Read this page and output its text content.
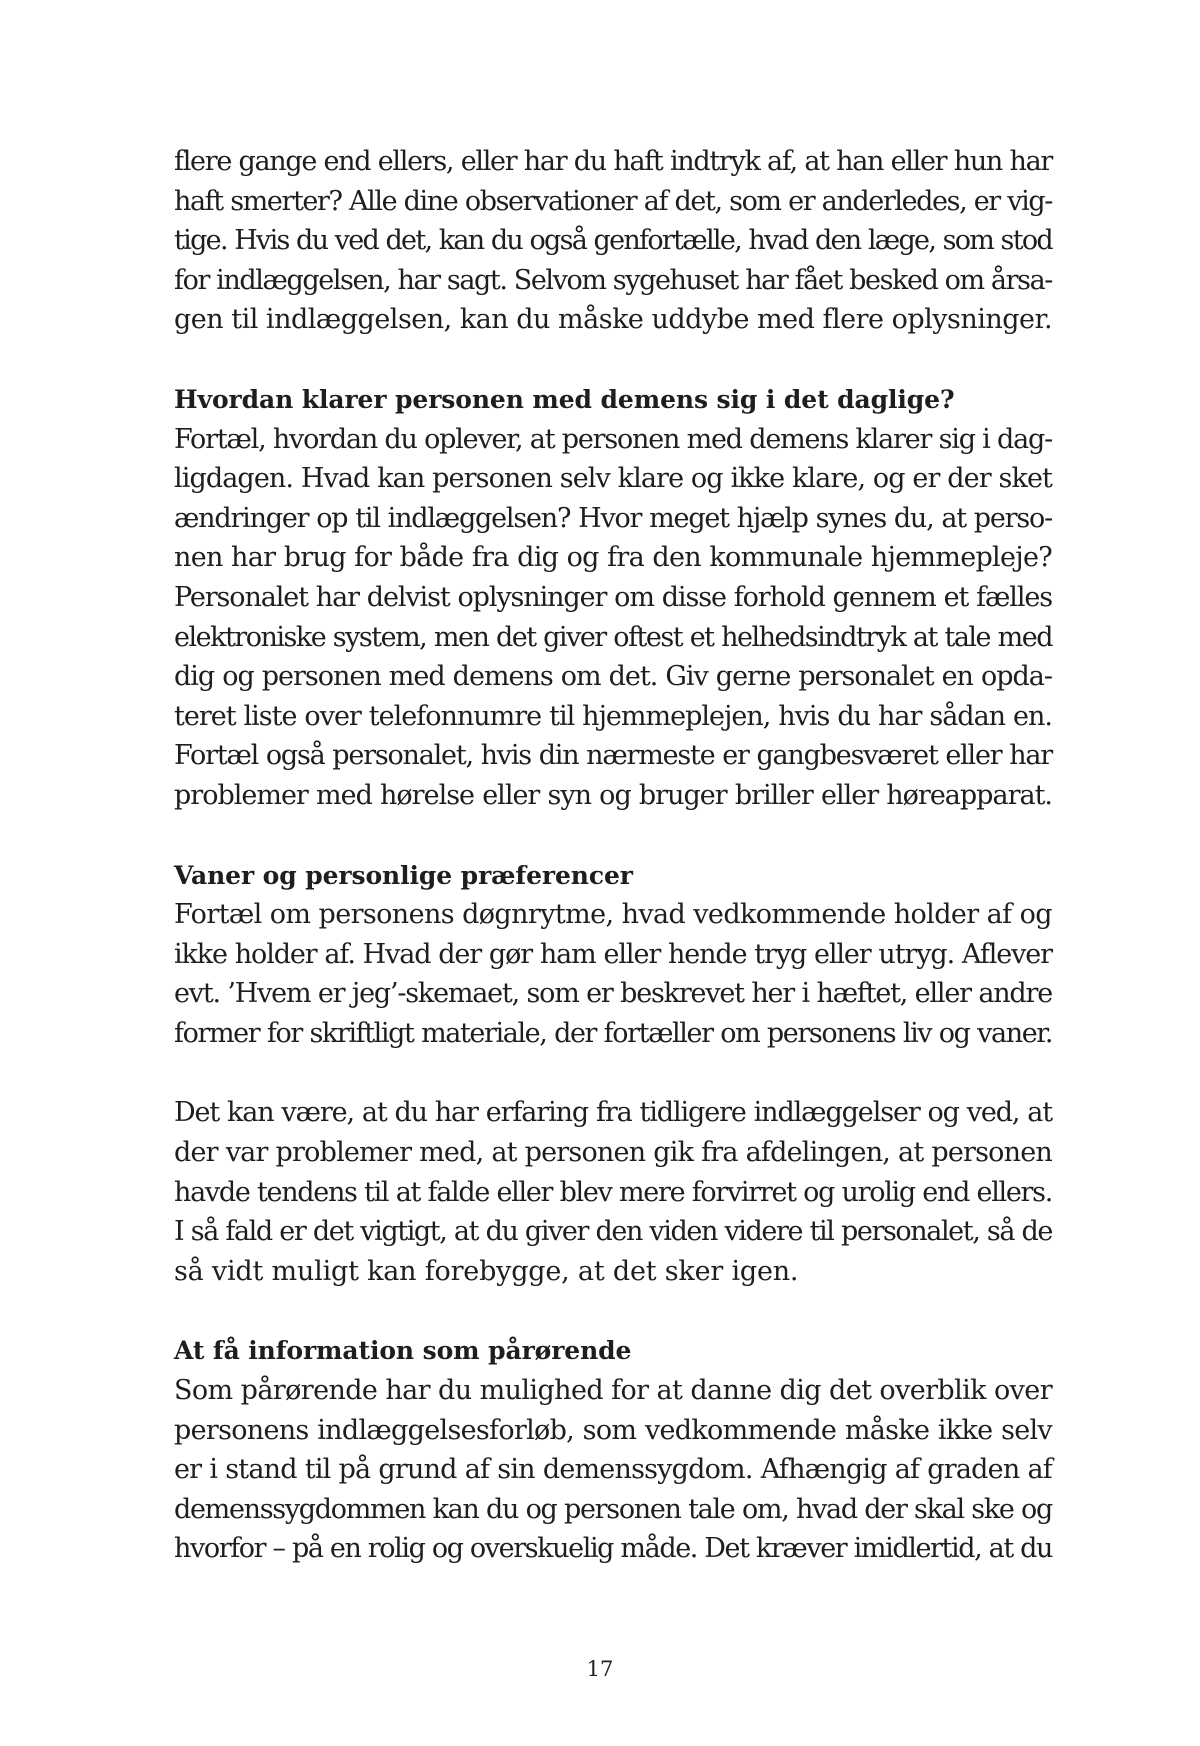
flere gange end ellers, eller har du haft indtryk af, at han eller hun har
haft smerter? Alle dine observationer af det, som er anderledes, er vig-
tige. Hvis du ved det, kan du også genfortælle, hvad den læge, som stod
for indlæggelsen, har sagt. Selvom sygehuset har fået besked om årsa-
gen til indlæggelsen, kan du måske uddybe med flere oplysninger.
Hvordan klarer personen med demens sig i det daglige?
Fortæl, hvordan du oplever, at personen med demens klarer sig i dag-
ligdagen. Hvad kan personen selv klare og ikke klare, og er der sket
ændringer op til indlæggelsen? Hvor meget hjælp synes du, at perso-
nen har brug for både fra dig og fra den kommunale hjemmepleje?
Personalet har delvist oplysninger om disse forhold gennem et fælles
elektroniske system, men det giver oftest et helhedsindtryk at tale med
dig og personen med demens om det. Giv gerne personalet en opda-
teret liste over telefonnumre til hjemmeplejen, hvis du har sådan en.
Fortæl også personalet, hvis din nærmeste er gangbesværet eller har
problemer med hørelse eller syn og bruger briller eller høreapparat.
Vaner og personlige præferencer
Fortæl om personens døgnrytme, hvad vedkommende holder af og
ikke holder af. Hvad der gør ham eller hende tryg eller utryg. Aflever
evt. ’Hvem er jeg’-skemaet, som er beskrevet her i hæftet, eller andre
former for skriftligt materiale, der fortæller om personens liv og vaner.
Det kan være, at du har erfaring fra tidligere indlæggelser og ved, at
der var problemer med, at personen gik fra afdelingen, at personen
havde tendens til at falde eller blev mere forvirret og urolig end ellers.
I så fald er det vigtigt, at du giver den viden videre til personalet, så de
så vidt muligt kan forebygge, at det sker igen.
At få information som pårørende
Som pårørende har du mulighed for at danne dig det overblik over
personens indlæggelsesforløb, som vedkommende måske ikke selv
er i stand til på grund af sin demenssygdom. Afhængig af graden af
demenssygdommen kan du og personen tale om, hvad der skal ske og
hvorfor – på en rolig og overskuelig måde. Det kræver imidlertid, at du
17
